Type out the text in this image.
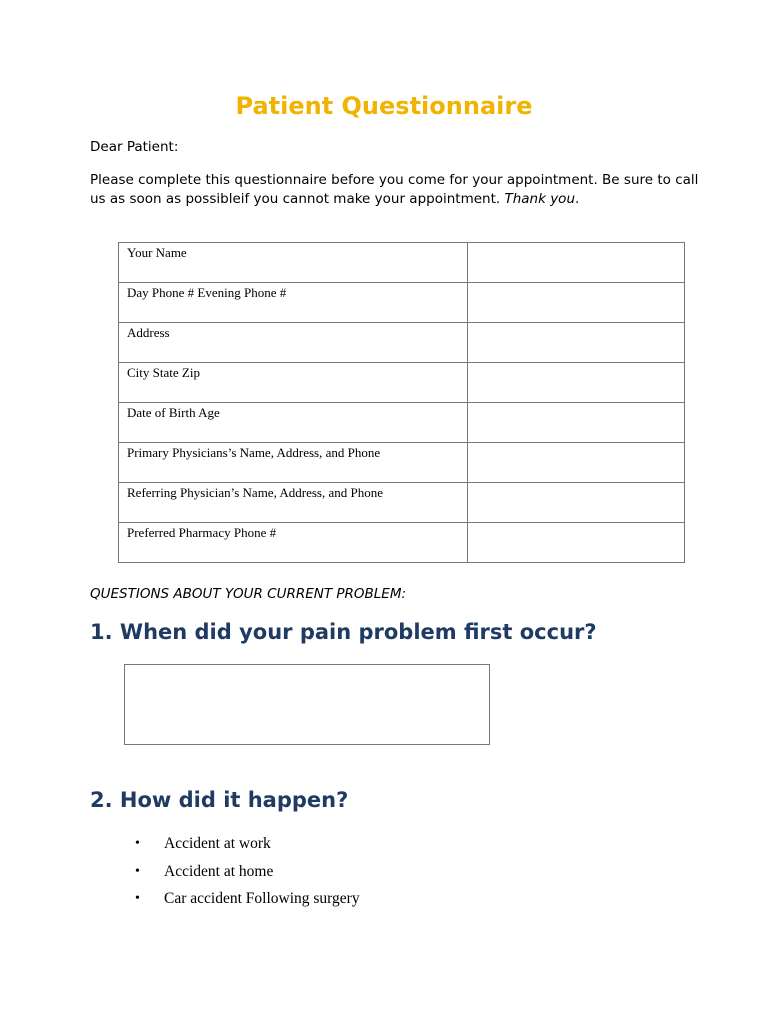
Patient Questionnaire

Dear Patient:

Please complete this questionnaire before you come for your appointment. Be sure to call us as soon as possibleif you cannot make your appointment. Thank you.

Your Name	
Day Phone # Evening Phone #	
Address	
City State Zip	
Date of Birth Age	
Primary Physicians’s Name, Address, and Phone	
Referring Physician’s Name, Address, and Phone	
Preferred Pharmacy Phone #	

QUESTIONS ABOUT YOUR CURRENT PROBLEM:

1. When did your pain problem first occur?
2. How did it happen?
•	Accident at work
•	Accident at home
•	Car accident Following surgery
